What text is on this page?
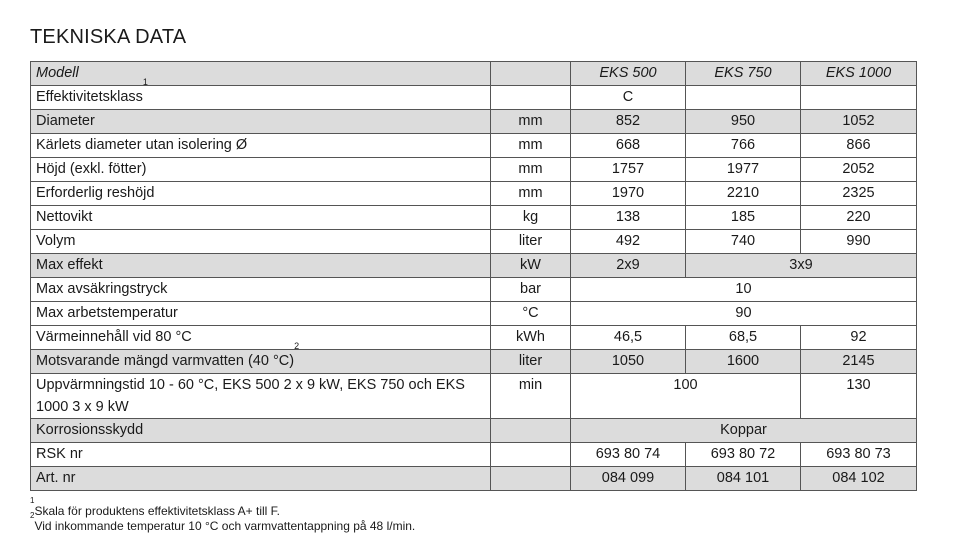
TEKNISKA DATA
Modell		EKS 500	EKS 750	EKS 1000
Effektivitetsklass$^1$		C		
Diameter	mm	852	950	1052
Kärlets diameter utan isolering Ø	mm	668	766	866
Höjd (exkl. fötter)	mm	1757	1977	2052
Erforderlig reshöjd	mm	1970	2210	2325
Nettovikt	kg	138	185	220
Volym	liter	492	740	990
Max effekt	kW	2x9	3x9	
Max avsäkringstryck	bar	10		
Max arbetstemperatur	°C	90		
Värmeinnehåll vid 80 °C	kWh	46,5	68,5	92
Motsvarande mängd varmvatten (40 °C)$^2$	liter	1050	1600	2145
Uppvärmningstid 10 - 60 °C, EKS 500 2 x 9 kW, EKS 750 och EKS 1000 3 x 9 kW	min	100		130
Korrosionsskydd		Koppar		
RSK nr		693 80 74	693 80 72	693 80 73
Art. nr		084 099	084 101	084 102
$^1$Skala för produktens effektivitetsklass A+ till F.
$^2$Vid inkommande temperatur 10 °C och varmvattentappning på 48 l/min.
